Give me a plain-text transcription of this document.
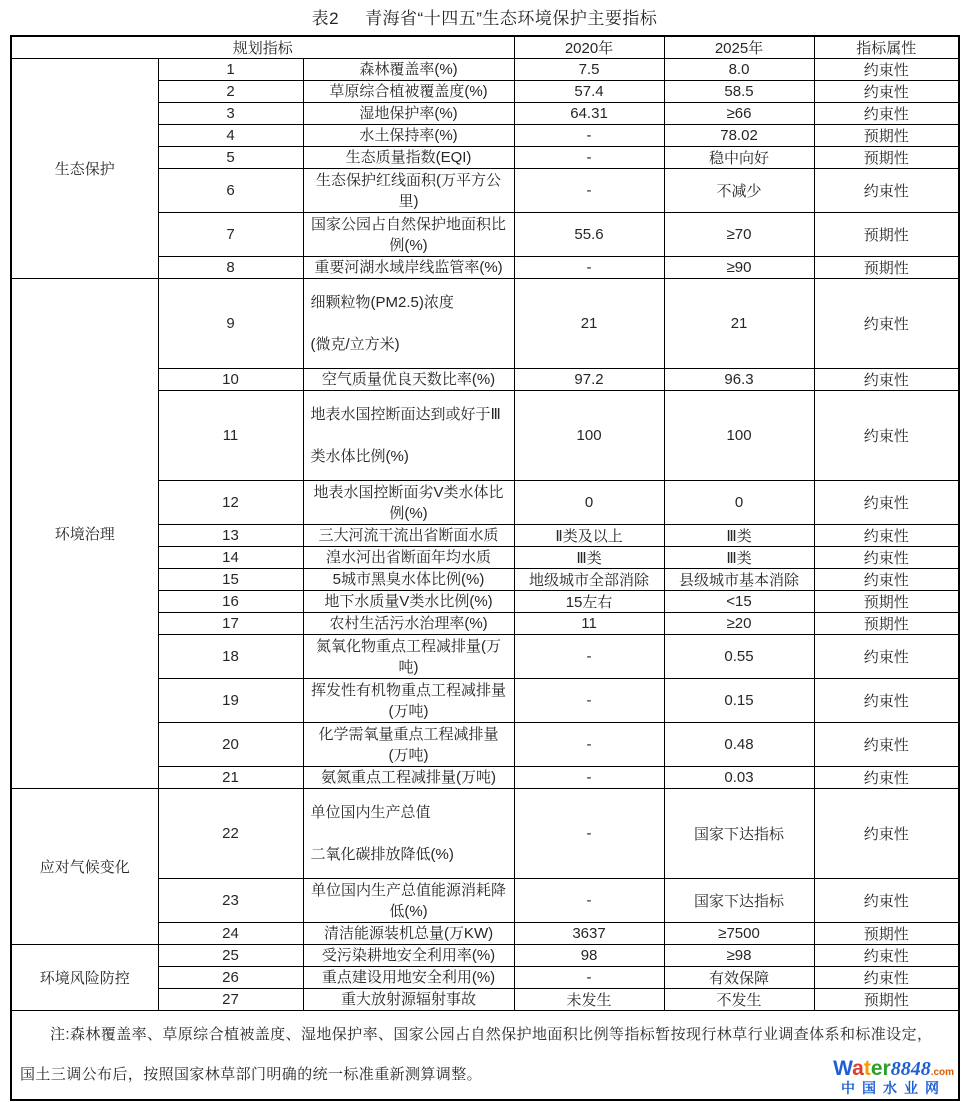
表2 青海省“十四五”生态环境保护主要指标
规划指标			2020年	2025年	指标属性
生态保护	1	森林覆盖率(%)	7.5	8.0	约束性
	2	草原综合植被覆盖度(%)	57.4	58.5	约束性
	3	湿地保护率(%)	64.31	≥66	约束性
	4	水土保持率(%)	-	78.02	预期性
	5	生态质量指数(EQI)	-	稳中向好	预期性
	6	生态保护红线面积(万平方公里)	-	不减少	约束性
	7	国家公园占自然保护地面积比例(%)	55.6	≥70	预期性
	8	重要河湖水域岸线监管率(%)	-	≥90	预期性
环境治理	9	细颗粒物(PM2.5)浓度
(微克/立方米)	21	21	约束性
	10	空气质量优良天数比率(%)	97.2	96.3	约束性
	11	地表水国控断面达到或好于Ⅲ
类水体比例(%)	100	100	约束性
	12	地表水国控断面劣V类水体比例(%)	0	0	约束性
	13	三大河流干流出省断面水质	Ⅱ类及以上	Ⅲ类	约束性
	14	湟水河出省断面年均水质	Ⅲ类	Ⅲ类	约束性
	15	5城市黑臭水体比例(%)	地级城市全部消除	县级城市基本消除	约束性
	16	地下水质量V类水比例(%)	15左右	<15	预期性
	17	农村生活污水治理率(%)	11	≥20	预期性
	18	氮氧化物重点工程减排量(万吨)	-	0.55	约束性
	19	挥发性有机物重点工程减排量(万吨)	-	0.15	约束性
	20	化学需氧量重点工程减排量(万吨)	-	0.48	约束性
	21	氨氮重点工程减排量(万吨)	-	0.03	约束性
应对气候变化	22	单位国内生产总值
二氧化碳排放降低(%)	-	国家下达指标	约束性
	23	单位国内生产总值能源消耗降低(%)	-	国家下达指标	约束性
	24	清洁能源装机总量(万KW)	3637	≥7500	预期性
环境风险防控	25	受污染耕地安全利用率(%)	98	≥98	约束性
	26	重点建设用地安全利用(%)	-	有效保障	约束性
	27	重大放射源辐射事故	未发生	不发生	预期性

注:森林覆盖率、草原综合植被盖度、湿地保护率、国家公园占自然保护地面积比例等指标暂按现行林草行业调查体系和标准设定，
国土三调公布后，按照国家林草部门明确的统一标准重新测算调整。 Water8848.com
中国水业网					
